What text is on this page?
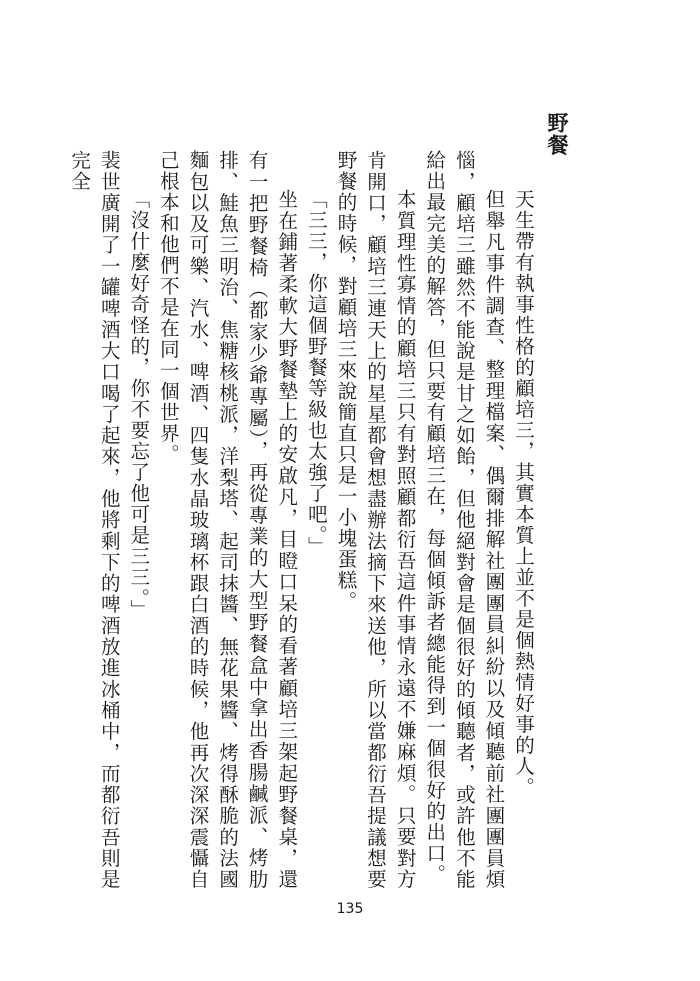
野餐

天生帶有執事性格的顧培三，其實本質上並不是個熱情好事的人。

但舉凡事件調查、整理檔案、偶爾排解社團團員糾紛以及傾聽前社團團員煩惱，顧培三雖然不能說是甘之如飴，但他絕對會是個很好的傾聽者，或許他不能給出最完美的解答，但只要有顧培三在，每個傾訴者總能得到一個很好的出口。

本質理性寡情的顧培三只有對照顧都衍吾這件事情永遠不嫌麻煩。只要對方肯開口，顧培三連天上的星星都會想盡辦法摘下來送他，所以當都衍吾提議想要野餐的時候，對顧培三來說簡直只是一小塊蛋糕。

「三三，你這個野餐等級也太強了吧。」

坐在鋪著柔軟大野餐墊上的安啟凡，目瞪口呆的看著顧培三架起野餐桌，還有一把野餐椅（都家少爺專屬），再從專業的大型野餐盒中拿出香腸鹹派、烤肋排、鮭魚三明治、焦糖核桃派，洋梨塔、起司抹醬、無花果醬、烤得酥脆的法國麵包以及可樂、汽水、啤酒、四隻水晶玻璃杯跟白酒的時候，他再次深深震懾自己根本和他們不是在同一個世界。

「沒什麼好奇怪的，你不要忘了他可是三三。」

裴世廣開了一罐啤酒大口喝了起來，他將剩下的啤酒放進冰桶中，而都衍吾則是完全

135
